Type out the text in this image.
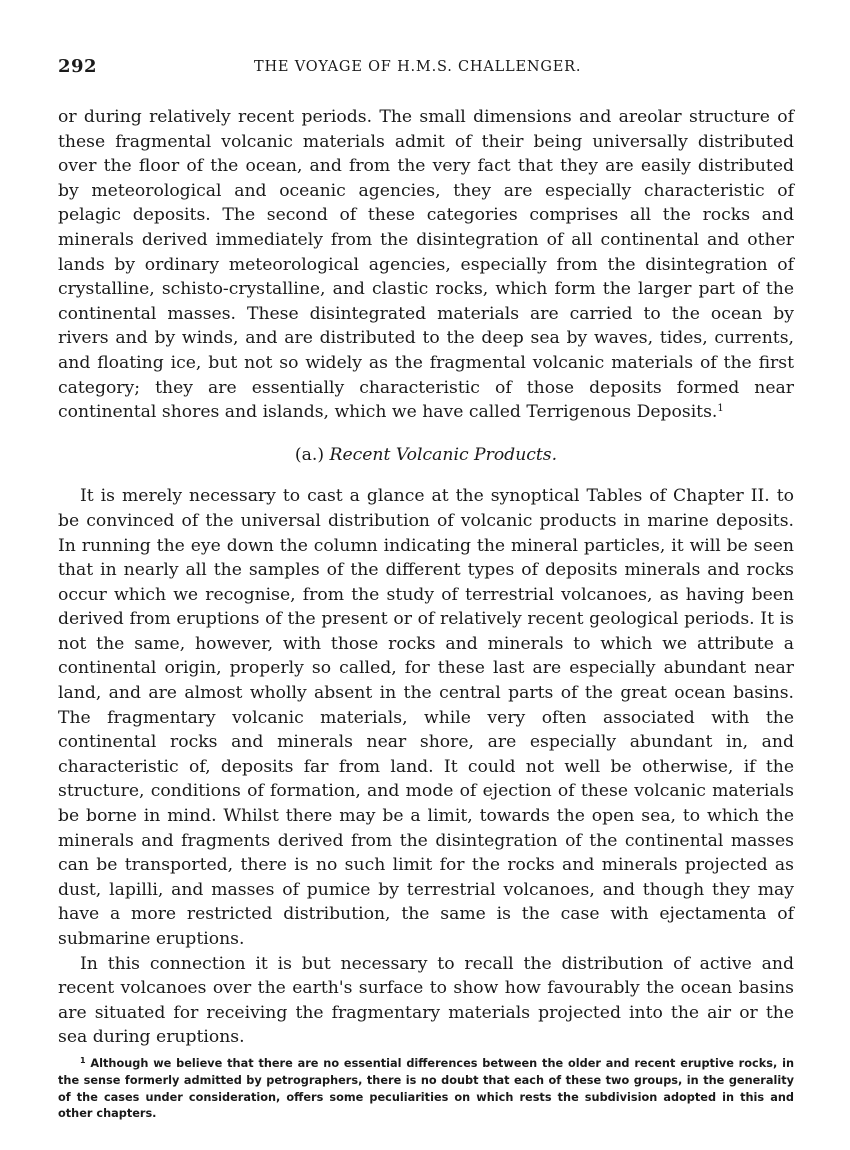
292	THE VOYAGE OF H.M.S. CHALLENGER.

or during relatively recent periods. The small dimensions and areolar structure of these fragmental volcanic materials admit of their being universally distributed over the floor of the ocean, and from the very fact that they are easily distributed by meteorological and oceanic agencies, they are especially characteristic of pelagic deposits. The second of these categories comprises all the rocks and minerals derived immediately from the disintegration of all continental and other lands by ordinary meteorological agencies, especially from the disintegration of crystalline, schisto-crystalline, and clastic rocks, which form the larger part of the continental masses. These disintegrated materials are carried to the ocean by rivers and by winds, and are distributed to the deep sea by waves, tides, currents, and floating ice, but not so widely as the fragmental volcanic materials of the first category; they are essentially characteristic of those deposits formed near continental shores and islands, which we have called Terrigenous Deposits.$^1$

(a.) Recent Volcanic Products.

It is merely necessary to cast a glance at the synoptical Tables of Chapter II. to be convinced of the universal distribution of volcanic products in marine deposits. In running the eye down the column indicating the mineral particles, it will be seen that in nearly all the samples of the different types of deposits minerals and rocks occur which we recognise, from the study of terrestrial volcanoes, as having been derived from eruptions of the present or of relatively recent geological periods. It is not the same, however, with those rocks and minerals to which we attribute a continental origin, properly so called, for these last are especially abundant near land, and are almost wholly absent in the central parts of the great ocean basins. The fragmentary volcanic materials, while very often associated with the continental rocks and minerals near shore, are especially abundant in, and characteristic of, deposits far from land. It could not well be otherwise, if the structure, conditions of formation, and mode of ejection of these volcanic materials be borne in mind. Whilst there may be a limit, towards the open sea, to which the minerals and fragments derived from the disintegration of the continental masses can be transported, there is no such limit for the rocks and minerals projected as dust, lapilli, and masses of pumice by terrestrial volcanoes, and though they may have a more restricted distribution, the same is the case with ejectamenta of submarine eruptions.

In this connection it is but necessary to recall the distribution of active and recent volcanoes over the earth's surface to show how favourably the ocean basins are situated for receiving the fragmentary materials projected into the air or the sea during eruptions.

$^1$ Although we believe that there are no essential differences between the older and recent eruptive rocks, in the sense formerly admitted by petrographers, there is no doubt that each of these two groups, in the generality of the cases under consideration, offers some peculiarities on which rests the subdivision adopted in this and other chapters.
